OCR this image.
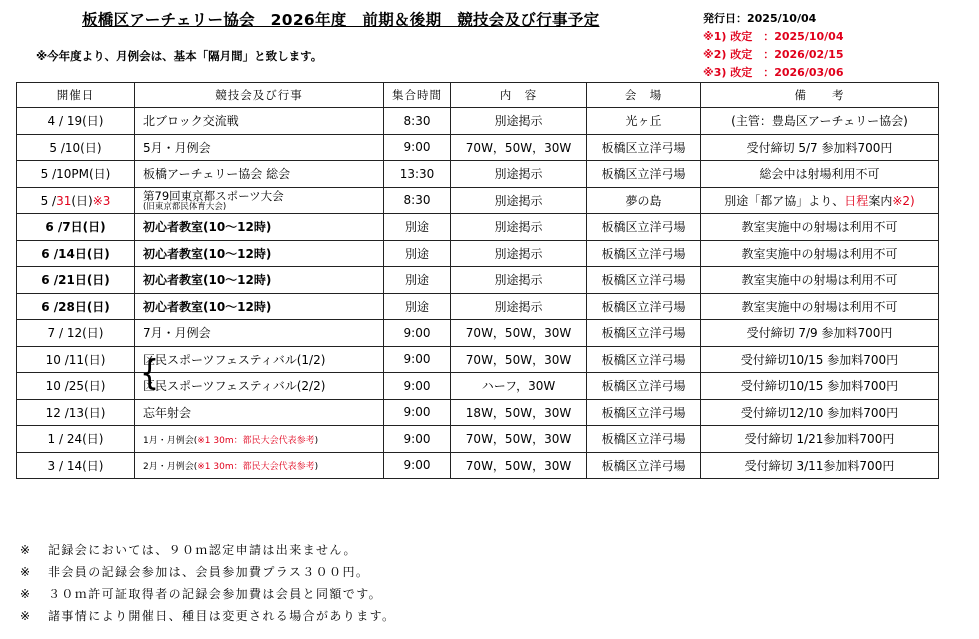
板橋区アーチェリー協会　2026年度　前期＆後期　競技会及び行事予定
※今年度より、月例会は、基本「隔月間」と致します。
発行日：2025/10/04
※1) 改定　：2025/10/04
※2) 改定　：2026/02/15
※3) 改定　：2026/03/06
開催日	競技会及び行事	集合時間	内　容	会　場	備　　考
4 / 19(日)	北ブロック交流戦	8:30	別途掲示	光ヶ丘	(主管：豊島区アーチェリー協会)
5 /10(日)	5月・月例会	9:00	70W，50W，30W	板橋区立洋弓場	受付締切 5/7 参加料700円
5 /10PM(日)	板橋アーチェリー協会 総会	13:30	別途掲示	板橋区立洋弓場	総会中は射場利用不可
5 /31(日)※3	第79回東京都スポーツ大会
(旧東京都民体育大会)	8:30	別途掲示	夢の島	別途「都ア協」より、日程案内※2)
6 /7日(日)	初心者教室(10～12時)	別途	別途掲示	板橋区立洋弓場	教室実施中の射場は利用不可
6 /14日(日)	初心者教室(10～12時)	別途	別途掲示	板橋区立洋弓場	教室実施中の射場は利用不可
6 /21日(日)	初心者教室(10～12時)	別途	別途掲示	板橋区立洋弓場	教室実施中の射場は利用不可
6 /28日(日)	初心者教室(10～12時)	別途	別途掲示	板橋区立洋弓場	教室実施中の射場は利用不可
7 / 12(日)	7月・月例会	9:00	70W，50W，30W	板橋区立洋弓場	受付締切 7/9 参加料700円
10 /11(日)	区民スポーツフェスティバル(1/2)	9:00	70W，50W，30W	板橋区立洋弓場	受付締切10/15 参加料700円
10 /25(日)	区民スポーツフェスティバル(2/2)	9:00	ハーフ，30W	板橋区立洋弓場	受付締切10/15 参加料700円
12 /13(日)	忘年射会	9:00	18W，50W，30W	板橋区立洋弓場	受付締切12/10 参加料700円
1 / 24(日)	1月・月例会(※1 30m：都民大会代表参考)	9:00	70W，50W，30W	板橋区立洋弓場	受付締切 1/21参加料700円
3 / 14(日)	2月・月例会(※1 30m：都民大会代表参考)	9:00	70W，50W，30W	板橋区立洋弓場	受付締切 3/11参加料700円
{
※ 記録会においては、９０ｍ認定申請は出来ません。
※ 非会員の記録会参加は、会員参加費プラス３００円。
※ ３０ｍ許可証取得者の記録会参加費は会員と同額です。
※ 諸事情により開催日、種目は変更される場合があります。
